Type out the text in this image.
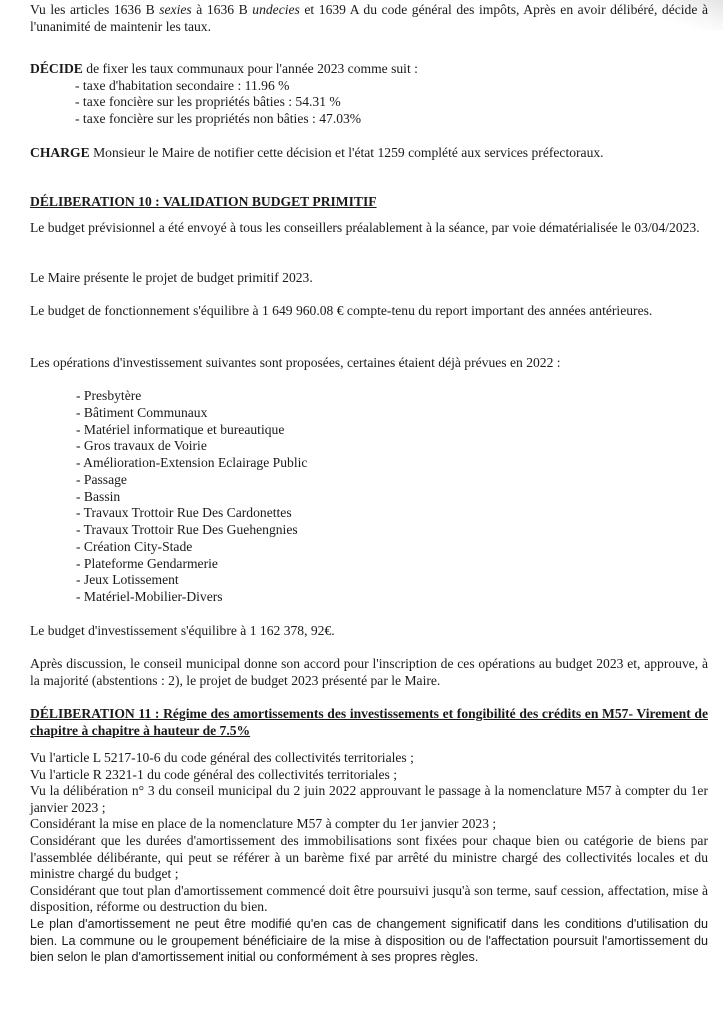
Vu les articles 1636 B sexies à 1636 B undecies et 1639 A du code général des impôts, Après en avoir délibéré, décide à l'unanimité de maintenir les taux.

DÉCIDE de fixer les taux communaux pour l'année 2023 comme suit :
- taxe d'habitation secondaire : 11.96 %
- taxe foncière sur les propriétés bâties : 54.31 %
- taxe foncière sur les propriétés non bâties : 47.03%

CHARGE Monsieur le Maire de notifier cette décision et l'état 1259 complété aux services préfectoraux.

DÉLIBERATION 10 : VALIDATION BUDGET PRIMITIF

Le budget prévisionnel a été envoyé à tous les conseillers préalablement à la séance, par voie dématérialisée le 03/04/2023.

Le Maire présente le projet de budget primitif 2023.

Le budget de fonctionnement s'équilibre à 1 649 960.08 € compte-tenu du report important des années antérieures.

Les opérations d'investissement suivantes sont proposées, certaines étaient déjà prévues en 2022 :

- Presbytère
- Bâtiment Communaux
- Matériel informatique et bureautique
- Gros travaux de Voirie
- Amélioration-Extension Eclairage Public
- Passage
- Bassin
- Travaux Trottoir Rue Des Cardonettes
- Travaux Trottoir Rue Des Guehengnies
- Création City-Stade
- Plateforme Gendarmerie
- Jeux Lotissement
- Matériel-Mobilier-Divers

Le budget d'investissement s'équilibre à 1 162 378, 92€.

Après discussion, le conseil municipal donne son accord pour l'inscription de ces opérations au budget 2023 et, approuve, à la majorité (abstentions : 2), le projet de budget 2023 présenté par le Maire.

DÉLIBERATION 11 : Régime des amortissements des investissements et fongibilité des crédits en M57- Virement de chapitre à chapitre à hauteur de 7.5%

Vu l'article L 5217-10-6 du code général des collectivités territoriales ;
Vu l'article R 2321-1 du code général des collectivités territoriales ;
Vu la délibération n° 3 du conseil municipal du 2 juin 2022 approuvant le passage à la nomenclature M57 à compter du 1er janvier 2023 ;
Considérant la mise en place de la nomenclature M57 à compter du 1er janvier 2023 ;
Considérant que les durées d'amortissement des immobilisations sont fixées pour chaque bien ou catégorie de biens par l'assemblée délibérante, qui peut se référer à un barème fixé par arrêté du ministre chargé des collectivités locales et du ministre chargé du budget ;
Considérant que tout plan d'amortissement commencé doit être poursuivi jusqu'à son terme, sauf cession, affectation, mise à disposition, réforme ou destruction du bien.
Le plan d'amortissement ne peut être modifié qu'en cas de changement significatif dans les conditions d'utilisation du bien. La commune ou le groupement bénéficiaire de la mise à disposition ou de l'affectation poursuit l'amortissement du bien selon le plan d'amortissement initial ou conformément à ses propres règles.
